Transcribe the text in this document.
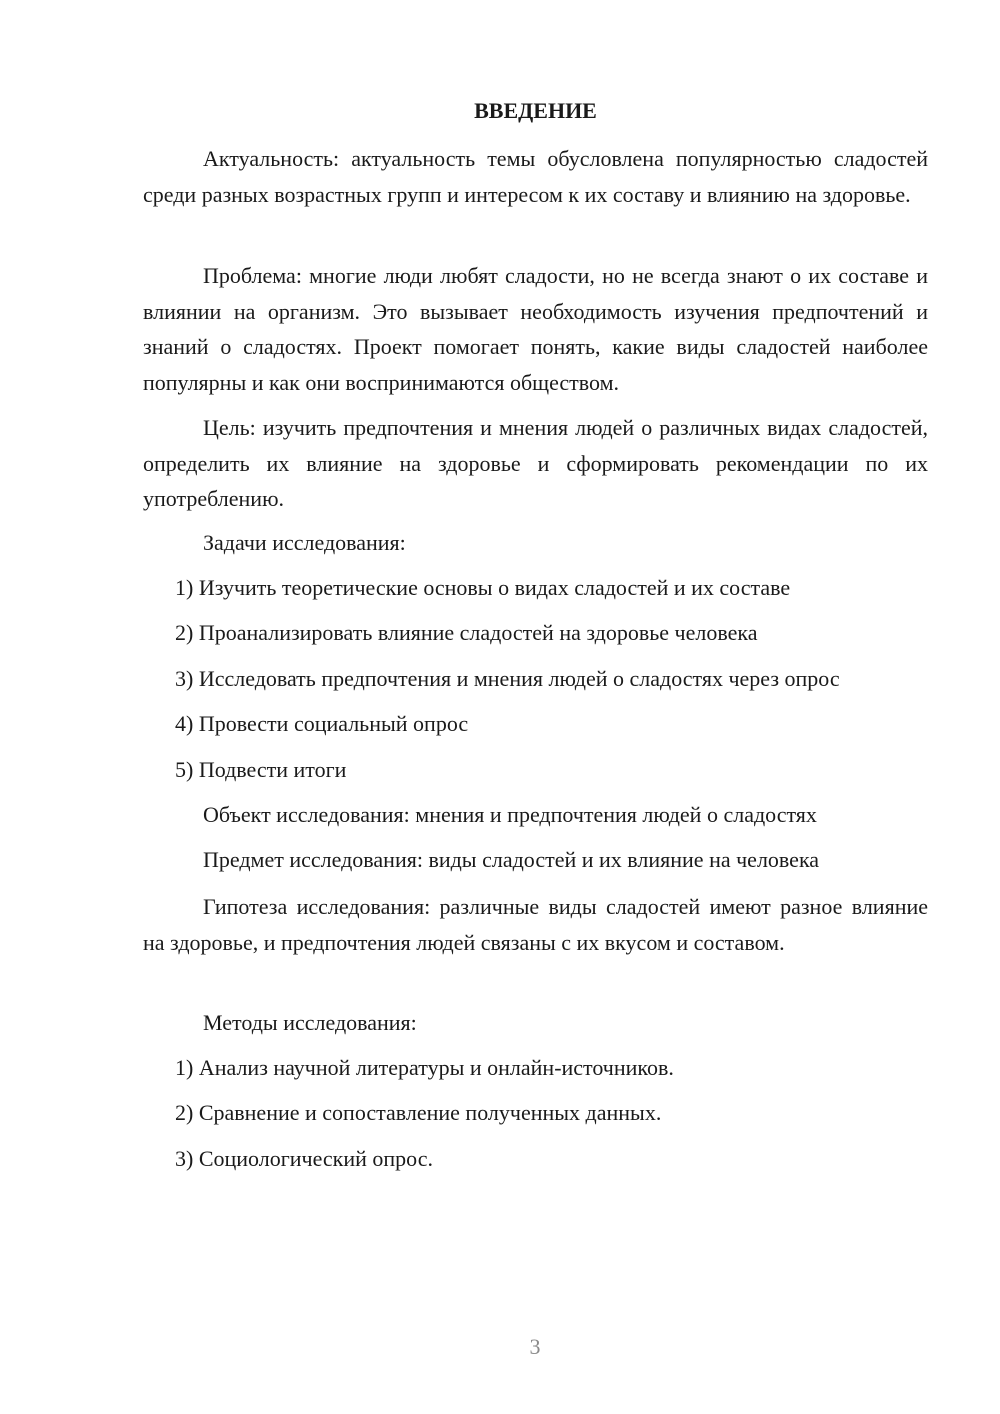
ВВЕДЕНИЕ

Актуальность: актуальность темы обусловлена популярностью сладостей среди разных возрастных групп и интересом к их составу и влиянию на здоровье.

Проблема: многие люди любят сладости, но не всегда знают о их составе и влиянии на организм. Это вызывает необходимость изучения предпочтений и знаний о сладостях. Проект помогает понять, какие виды сладостей наиболее популярны и как они воспринимаются обществом.

Цель: изучить предпочтения и мнения людей о различных видах сладостей, определить их влияние на здоровье и сформировать рекомендации по их употреблению.

Задачи исследования:

1) Изучить теоретические основы о видах сладостей и их составе

2) Проанализировать влияние сладостей на здоровье человека

3) Исследовать предпочтения и мнения людей о сладостях через опрос

4) Провести социальный опрос

5) Подвести итоги

Объект исследования: мнения и предпочтения людей о сладостях

Предмет исследования: виды сладостей и их влияние на человека

Гипотеза исследования: различные виды сладостей имеют разное влияние на здоровье, и предпочтения людей связаны с их вкусом и составом.

Методы исследования:

1) Анализ научной литературы и онлайн-источников.

2) Сравнение и сопоставление полученных данных.

3) Социологический опрос.

3
